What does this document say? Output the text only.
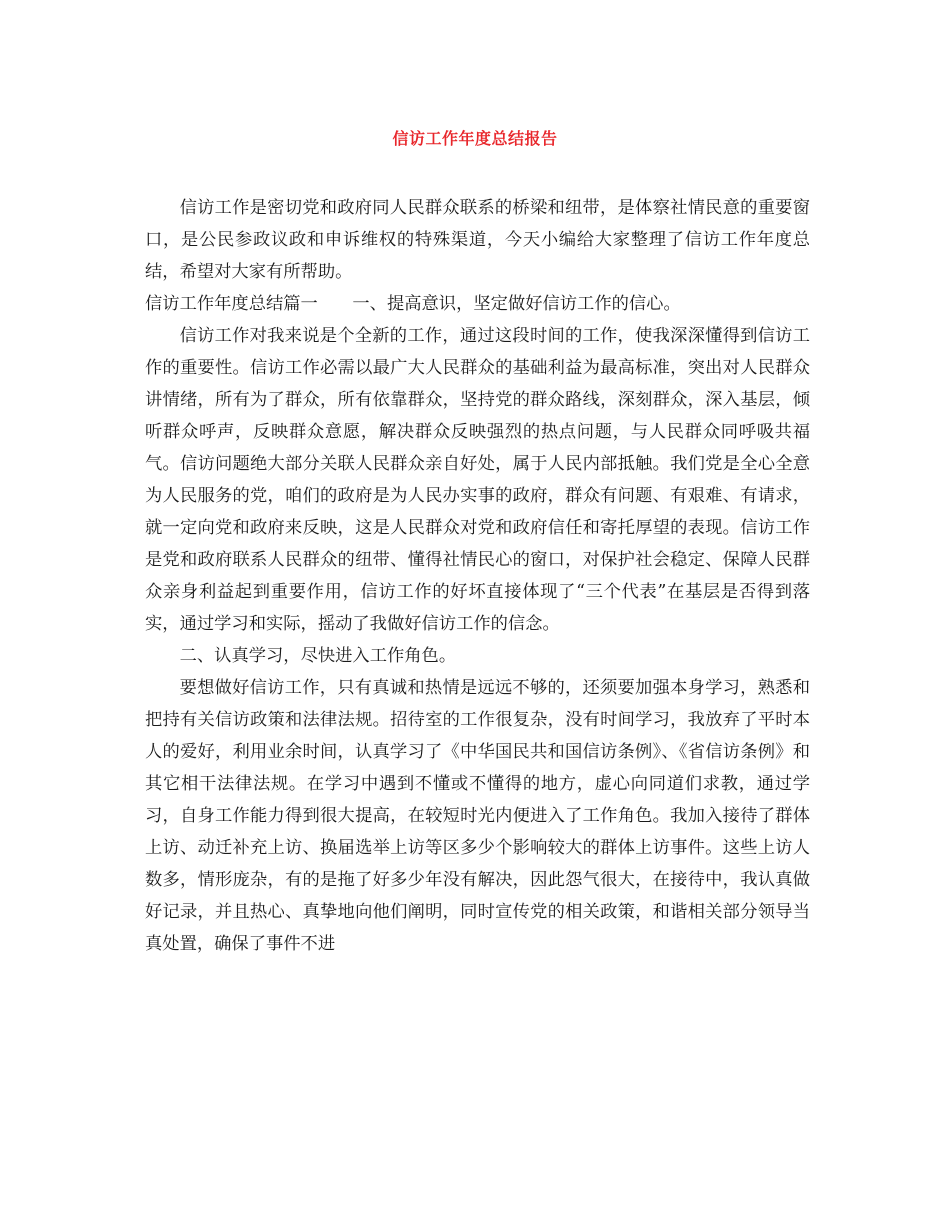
信访工作年度总结报告

信访工作是密切党和政府同人民群众联系的桥梁和纽带，是体察社情民意的重要窗口，是公民参政议政和申诉维权的特殊渠道，今天小编给大家整理了信访工作年度总结，希望对大家有所帮助。

信访工作年度总结篇一　　一、提高意识，坚定做好信访工作的信心。

信访工作对我来说是个全新的工作，通过这段时间的工作，使我深深懂得到信访工作的重要性。信访工作必需以最广大人民群众的基础利益为最高标准，突出对人民群众讲情绪，所有为了群众，所有依靠群众，坚持党的群众路线，深刻群众，深入基层，倾听群众呼声，反映群众意愿，解决群众反映强烈的热点问题，与人民群众同呼吸共福气。信访问题绝大部分关联人民群众亲自好处，属于人民内部抵触。我们党是全心全意为人民服务的党，咱们的政府是为人民办实事的政府，群众有问题、有艰难、有请求，就一定向党和政府来反映，这是人民群众对党和政府信任和寄托厚望的表现。信访工作是党和政府联系人民群众的纽带、懂得社情民心的窗口，对保护社会稳定、保障人民群众亲身利益起到重要作用，信访工作的好坏直接体现了“三个代表”在基层是否得到落实，通过学习和实际，摇动了我做好信访工作的信念。

二、认真学习，尽快进入工作角色。

要想做好信访工作，只有真诚和热情是远远不够的，还须要加强本身学习，熟悉和把持有关信访政策和法律法规。招待室的工作很复杂，没有时间学习，我放弃了平时本人的爱好，利用业余时间，认真学习了《中华国民共和国信访条例》、《省信访条例》和其它相干法律法规。在学习中遇到不懂或不懂得的地方，虚心向同道们求教，通过学习，自身工作能力得到很大提高，在较短时光内便进入了工作角色。我加入接待了群体上访、动迁补充上访、换届选举上访等区多少个影响较大的群体上访事件。这些上访人数多，情形庞杂，有的是拖了好多少年没有解决，因此怨气很大，在接待中，我认真做好记录，并且热心、真挚地向他们阐明，同时宣传党的相关政策，和谐相关部分领导当真处置，确保了事件不进
